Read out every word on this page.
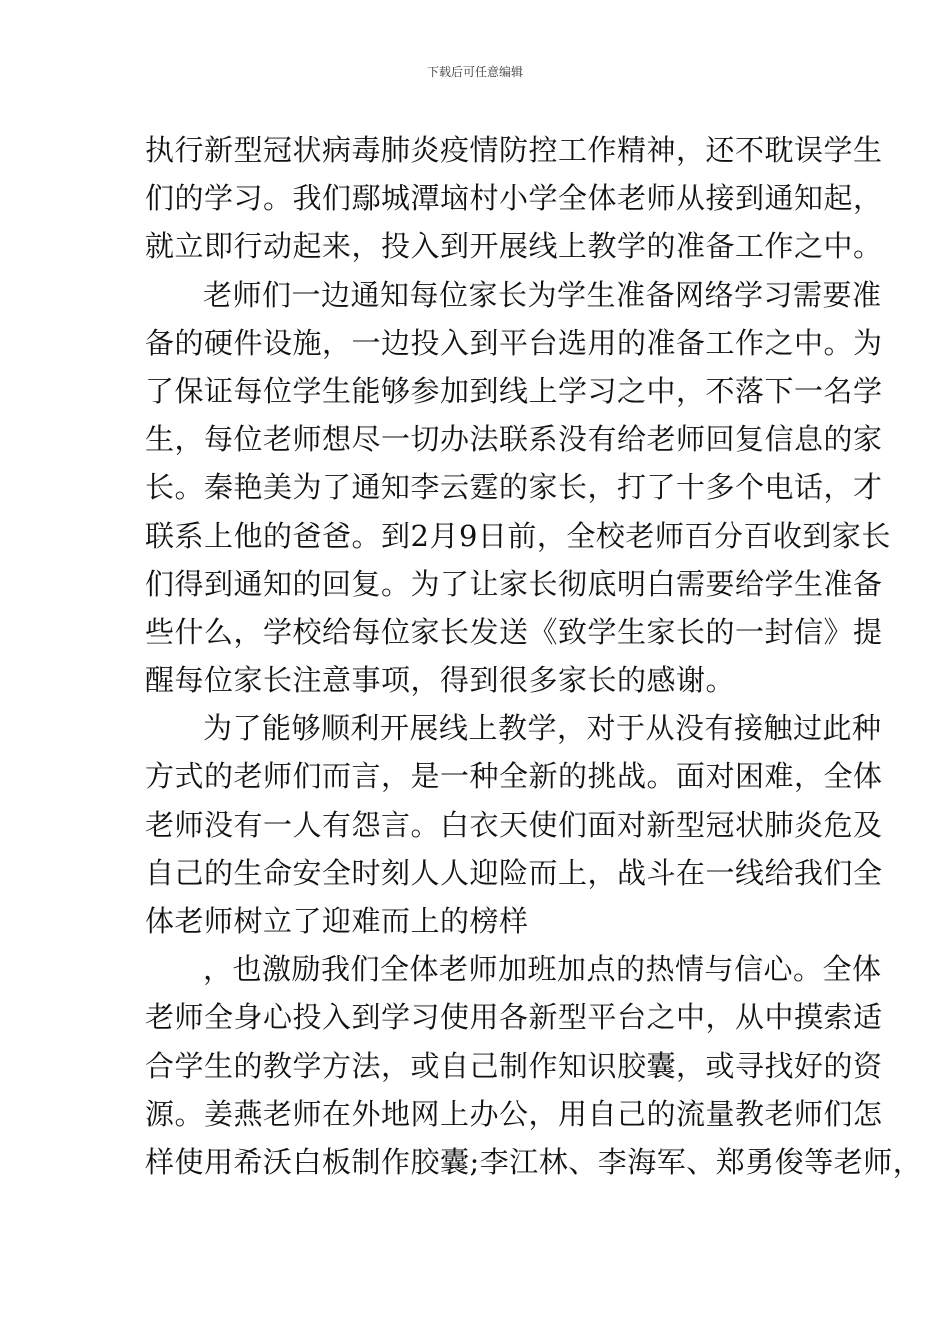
下载后可任意编辑
执行新型冠状病毒肺炎疫情防控工作精神，还不耽误学生
们的学习。我们鄢城潭垴村小学全体老师从接到通知起，
就立即行动起来，投入到开展线上教学的准备工作之中。
老师们一边通知每位家长为学生准备网络学习需要准
备的硬件设施，一边投入到平台选用的准备工作之中。为
了保证每位学生能够参加到线上学习之中，不落下一名学
生，每位老师想尽一切办法联系没有给老师回复信息的家
长。秦艳美为了通知李云霆的家长，打了十多个电话，才
联系上他的爸爸。到2月9日前，全校老师百分百收到家长
们得到通知的回复。为了让家长彻底明白需要给学生准备
些什么，学校给每位家长发送《致学生家长的一封信》提
醒每位家长注意事项，得到很多家长的感谢。
为了能够顺利开展线上教学，对于从没有接触过此种
方式的老师们而言，是一种全新的挑战。面对困难，全体
老师没有一人有怨言。白衣天使们面对新型冠状肺炎危及
自己的生命安全时刻人人迎险而上，战斗在一线给我们全
体老师树立了迎难而上的榜样
，也激励我们全体老师加班加点的热情与信心。全体
老师全身心投入到学习使用各新型平台之中，从中摸索适
合学生的教学方法，或自己制作知识胶囊，或寻找好的资
源。姜燕老师在外地网上办公，用自己的流量教老师们怎
样使用希沃白板制作胶囊;李江林、李海军、郑勇俊等老师，
